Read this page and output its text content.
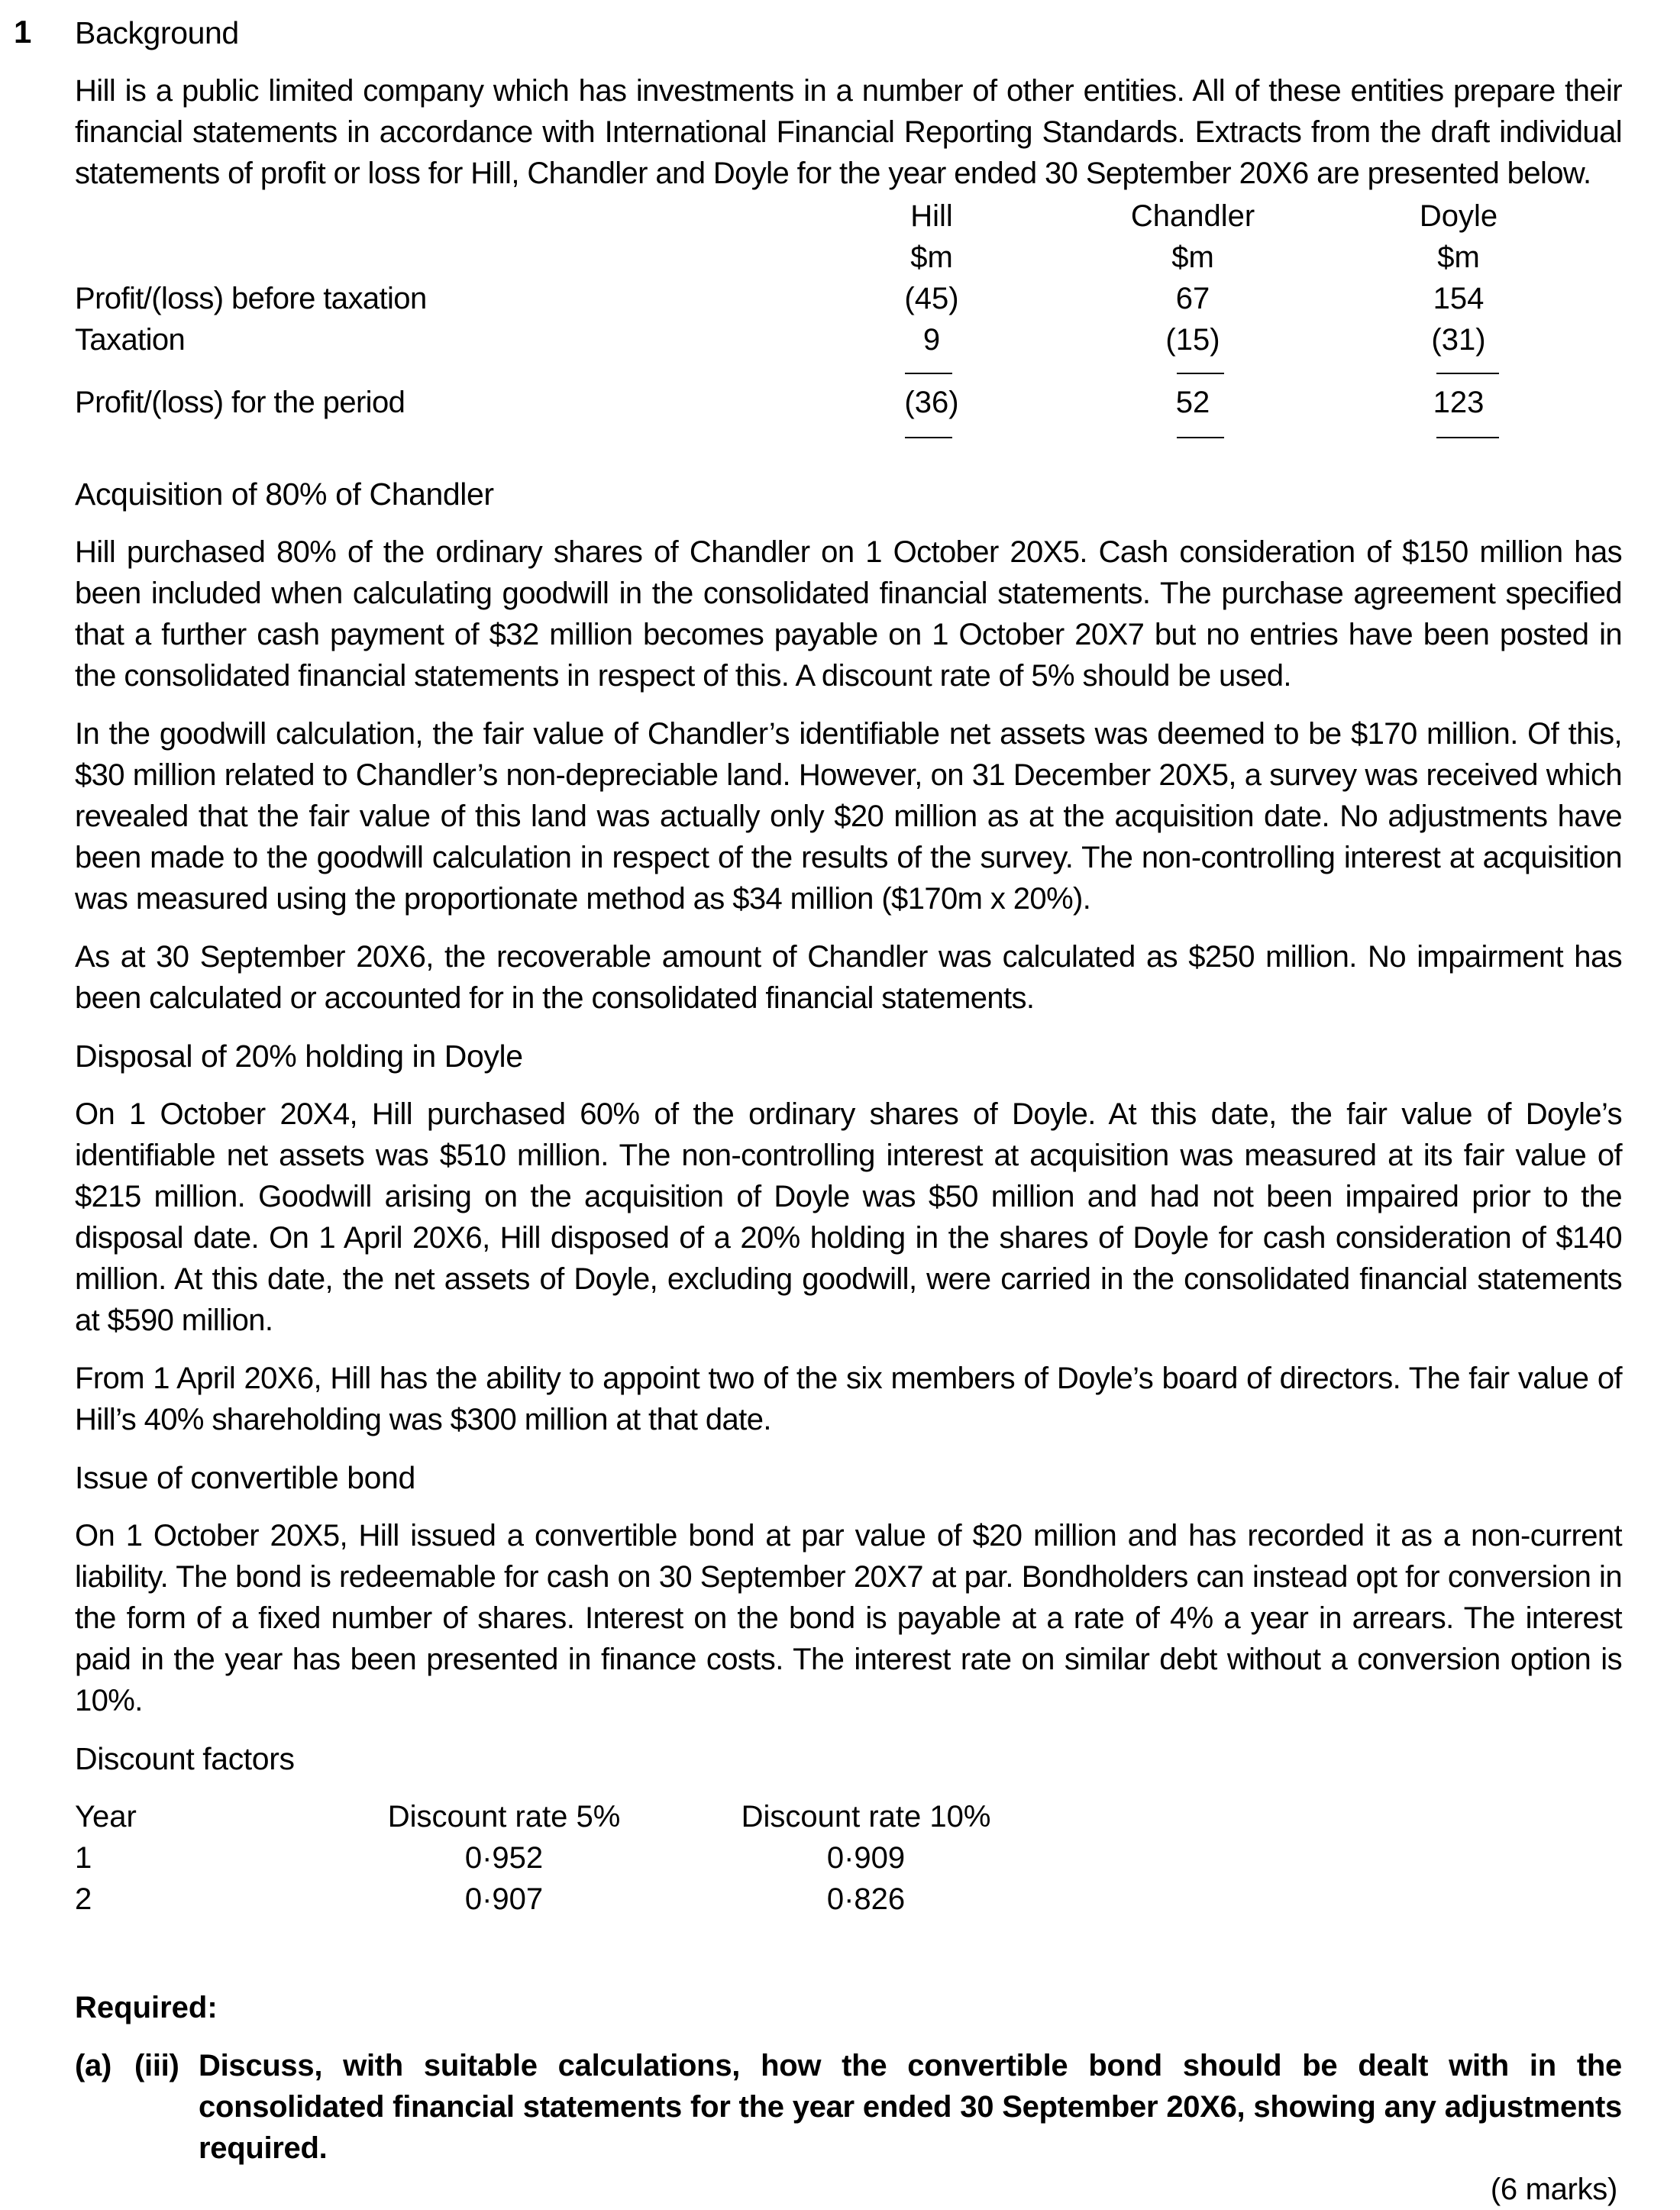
1 Background

Hill is a public limited company which has investments in a number of other entities. All of these entities prepare their financial statements in accordance with International Financial Reporting Standards. Extracts from the draft individual statements of profit or loss for Hill, Chandler and Doyle for the year ended 30 September 20X6 are presented below.

Hill	Chandler	Doyle
$m	$m	$m
Profit/(loss) before taxation	(45)	67	154
Taxation	9	(15)	(31)
Profit/(loss) for the period	(36)	52	123
Acquisition of 80% of Chandler

Hill purchased 80% of the ordinary shares of Chandler on 1 October 20X5. Cash consideration of $150 million has been included when calculating goodwill in the consolidated financial statements. The purchase agreement specified that a further cash payment of $32 million becomes payable on 1 October 20X7 but no entries have been posted in the consolidated financial statements in respect of this. A discount rate of 5% should be used.

In the goodwill calculation, the fair value of Chandler’s identifiable net assets was deemed to be $170 million. Of this, $30 million related to Chandler’s non-depreciable land. However, on 31 December 20X5, a survey was received which revealed that the fair value of this land was actually only $20 million as at the acquisition date. No adjustments have been made to the goodwill calculation in respect of the results of the survey. The non-controlling interest at acquisition was measured using the proportionate method as $34 million ($170m x 20%).

As at 30 September 20X6, the recoverable amount of Chandler was calculated as $250 million. No impairment has been calculated or accounted for in the consolidated financial statements.

Disposal of 20% holding in Doyle

On 1 October 20X4, Hill purchased 60% of the ordinary shares of Doyle. At this date, the fair value of Doyle’s identifiable net assets was $510 million. The non-controlling interest at acquisition was measured at its fair value of $215 million. Goodwill arising on the acquisition of Doyle was $50 million and had not been impaired prior to the disposal date. On 1 April 20X6, Hill disposed of a 20% holding in the shares of Doyle for cash consideration of $140 million. At this date, the net assets of Doyle, excluding goodwill, were carried in the consolidated financial statements at $590 million.

From 1 April 20X6, Hill has the ability to appoint two of the six members of Doyle’s board of directors. The fair value of Hill’s 40% shareholding was $300 million at that date.

Issue of convertible bond

On 1 October 20X5, Hill issued a convertible bond at par value of $20 million and has recorded it as a non-current liability. The bond is redeemable for cash on 30 September 20X7 at par. Bondholders can instead opt for conversion in the form of a fixed number of shares. Interest on the bond is payable at a rate of 4% a year in arrears. The interest paid in the year has been presented in finance costs. The interest rate on similar debt without a conversion option is 10%.

Discount factors
Year	Discount rate 5%	Discount rate 10%
1	0·952	0·909
2	0·907	0·826
Required:
(a) (iii) Discuss, with suitable calculations, how the convertible bond should be dealt with in the consolidated financial statements for the year ended 30 September 20X6, showing any adjustments required.
(6 marks)
